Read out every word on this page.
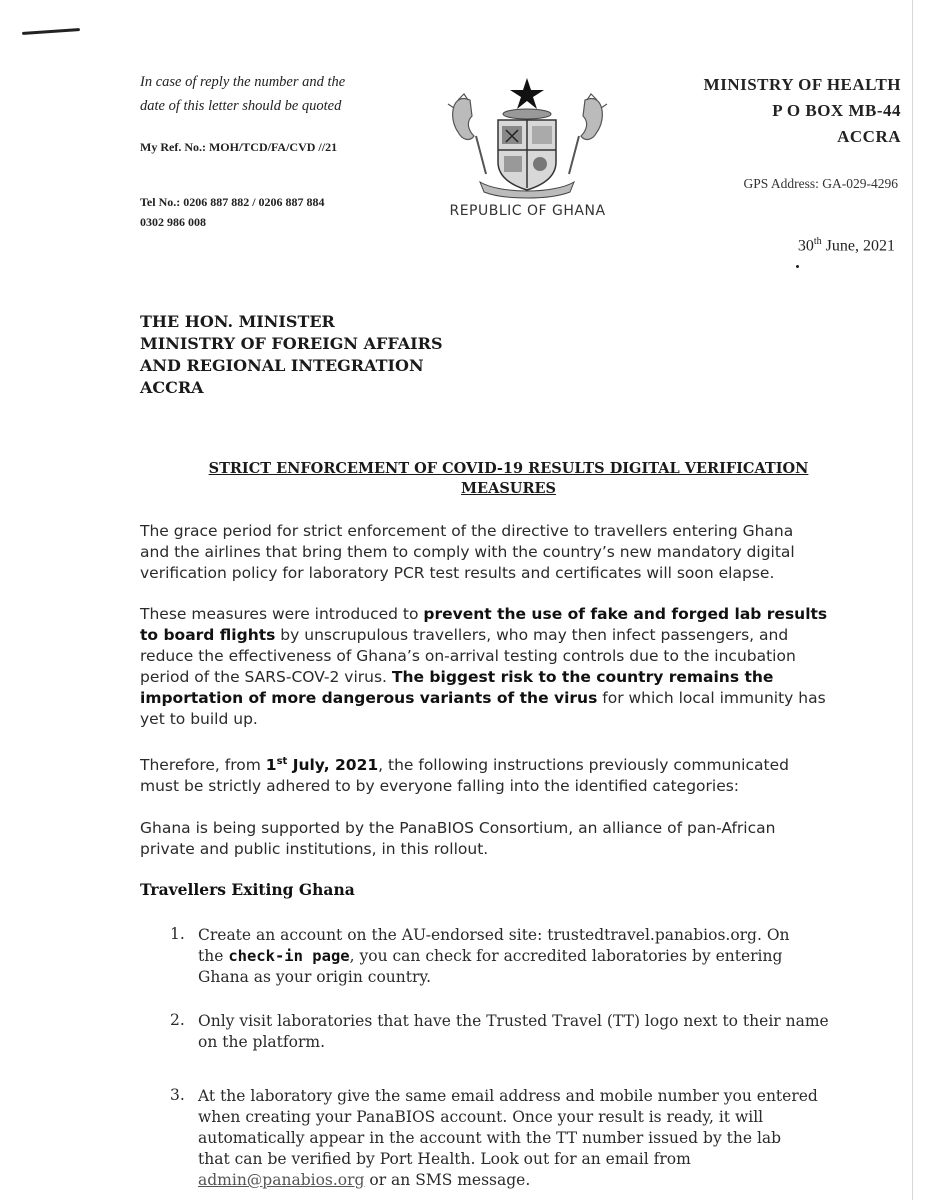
In case of reply the number and the
date of this letter should be quoted
My Ref. No.: MOH/TCD/FA/CVD //21
Tel No.: 0206 887 882 / 0206 887 884
0302 986 008
REPUBLIC OF GHANA
MINISTRY OF HEALTH
P O BOX MB-44
ACCRA
GPS Address: GA-029-4296
30th June, 2021
THE HON. MINISTER
MINISTRY OF FOREIGN AFFAIRS
AND REGIONAL INTEGRATION
ACCRA
STRICT ENFORCEMENT OF COVID-19 RESULTS DIGITAL VERIFICATION
MEASURES
The grace period for strict enforcement of the directive to travellers entering Ghana
and the airlines that bring them to comply with the country’s new mandatory digital
verification policy for laboratory PCR test results and certificates will soon elapse.
These measures were introduced to prevent the use of fake and forged lab results
to board flights by unscrupulous travellers, who may then infect passengers, and
reduce the effectiveness of Ghana’s on-arrival testing controls due to the incubation
period of the SARS-COV-2 virus. The biggest risk to the country remains the
importation of more dangerous variants of the virus for which local immunity has
yet to build up.
Therefore, from 1st July, 2021, the following instructions previously communicated
must be strictly adhered to by everyone falling into the identified categories:
Ghana is being supported by the PanaBIOS Consortium, an alliance of pan-African
private and public institutions, in this rollout.
Travellers Exiting Ghana
1. Create an account on the AU-endorsed site: trustedtravel.panabios.org. On
the check-in page, you can check for accredited laboratories by entering
Ghana as your origin country.
2. Only visit laboratories that have the Trusted Travel (TT) logo next to their name
on the platform.
3. At the laboratory give the same email address and mobile number you entered
when creating your PanaBIOS account. Once your result is ready, it will
automatically appear in the account with the TT number issued by the lab
that can be verified by Port Health. Look out for an email from
admin@panabios.org or an SMS message.
